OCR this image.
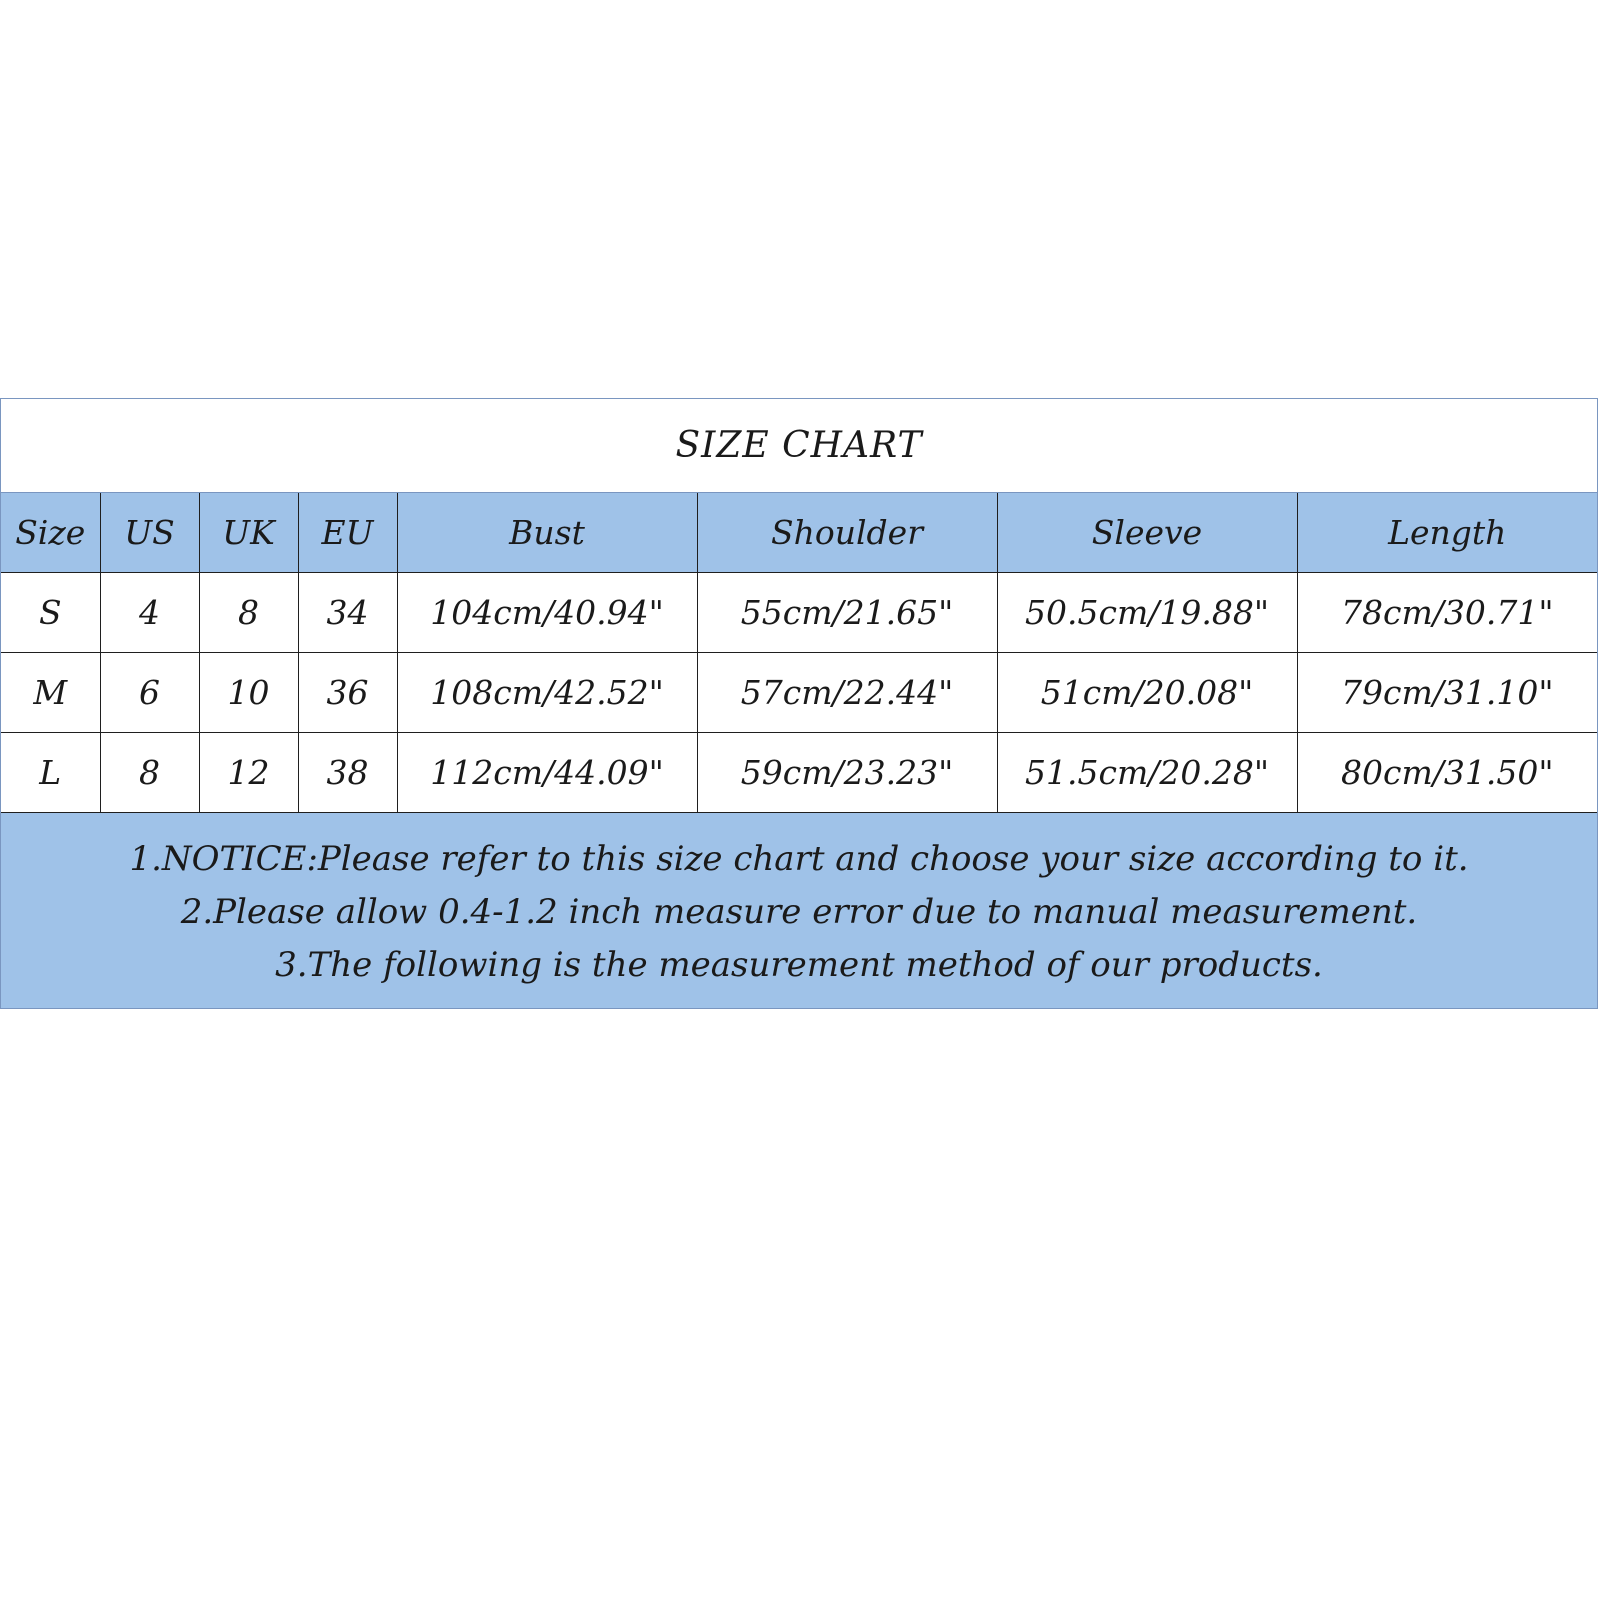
SIZE CHART
Size	US	UK	EU	Bust	Shoulder	Sleeve	Length
S	4	8	34	104cm/40.94"	55cm/21.65"	50.5cm/19.88"	78cm/30.71"
M	6	10	36	108cm/42.52"	57cm/22.44"	51cm/20.08"	79cm/31.10"
L	8	12	38	112cm/44.09"	59cm/23.23"	51.5cm/20.28"	80cm/31.50"
1.NOTICE:Please refer to this size chart and choose your size according to it.
2.Please allow 0.4-1.2 inch measure error due to manual measurement.
3.The following is the measurement method of our products.
